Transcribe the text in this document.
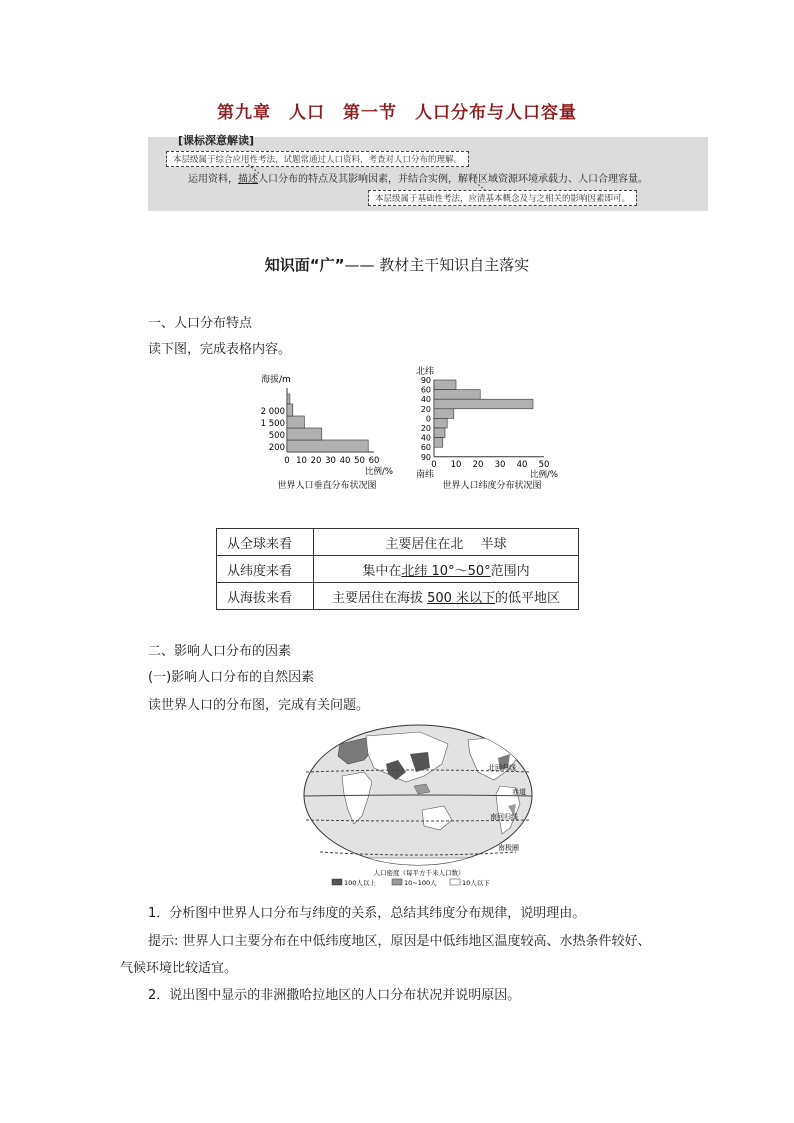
第九章　人口　第一节　人口分布与人口容量
[课标深意解读]
本层级属于综合应用性考法，试题常通过人口资料，考查对人口分布的理解。
运用资料，描述人口分布的特点及其影响因素，并结合实例，解释区域资源环境承载力、人口合理容量。
本层级属于基础性考法，应清基本概念及与之相关的影响因素即可。
知识面“广”—— 教材主干知识自主落实
一、人口分布特点
读下图，完成表格内容。
海拔/m
200
500
1 500
2 000
0 10 20 30 40 50 60
比例/%
世界人口垂直分布状况图
北纬
90
60
40
20
0
20
40
60
90
0 10 20 30 40 50
南纬	比例/%
世界人口纬度分布状况图
从全球来看	主要居住在北　 半球
从纬度来看	集中在北纬 10°～50°范围内
从海拔来看	主要居住在海拔 500 米以下的低平地区
二、影响人口分布的因素
(一)影响人口分布的自然因素
读世界人口的分布图，完成有关问题。
北回归线
赤道
南回归线
南极圈
人口密度（每平方千米人口数）
100人以上	10~100人	10人以下
1．分析图中世界人口分布与纬度的关系，总结其纬度分布规律，说明理由。
提示: 世界人口主要分布在中低纬度地区，原因是中低纬地区温度较高、水热条件较好、
气候环境比较适宜。
2．说出图中显示的非洲撒哈拉地区的人口分布状况并说明原因。
